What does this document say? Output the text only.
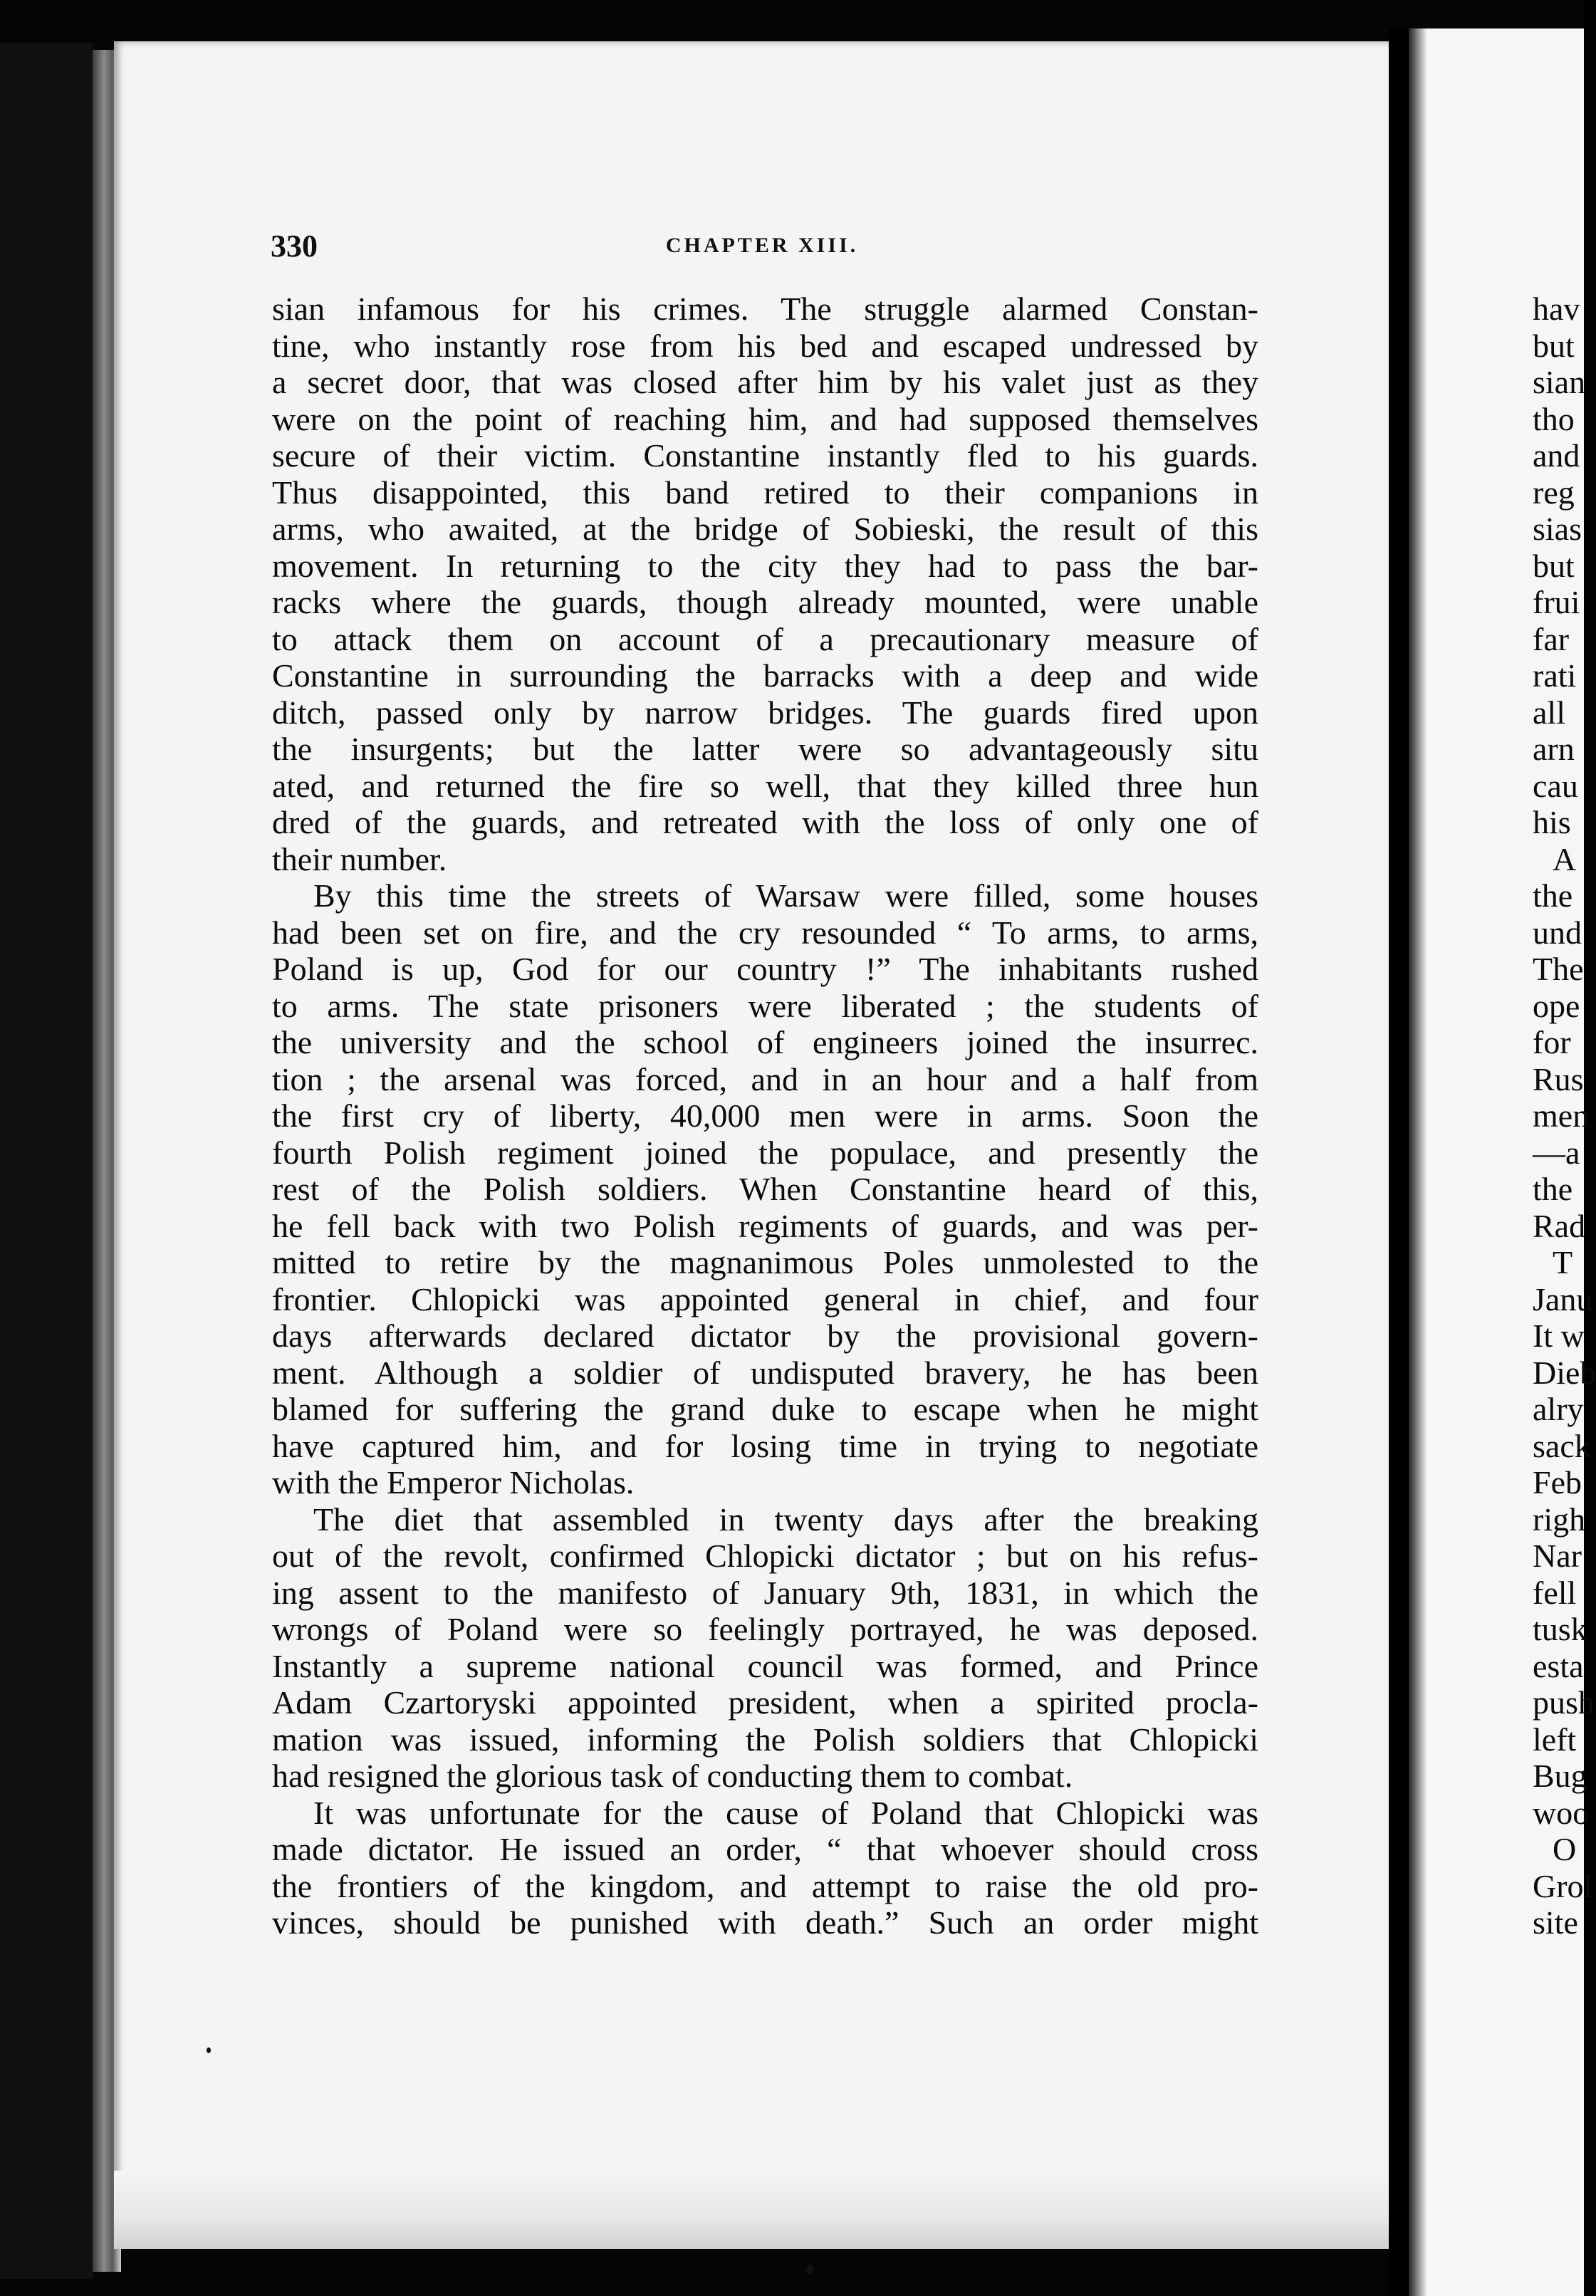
330	CHAPTER XIII.
sian infamous for his crimes. The struggle alarmed Constan-
tine, who instantly rose from his bed and escaped undressed by
a secret door, that was closed after him by his valet just as they
were on the point of reaching him, and had supposed themselves
secure of their victim. Constantine instantly fled to his guards.
Thus disappointed, this band retired to their companions in
arms, who awaited, at the bridge of Sobieski, the result of this
movement. In returning to the city they had to pass the bar-
racks where the guards, though already mounted, were unable
to attack them on account of a precautionary measure of
Constantine in surrounding the barracks with a deep and wide
ditch, passed only by narrow bridges. The guards fired upon
the insurgents; but the latter were so advantageously situ
ated, and returned the fire so well, that they killed three hun
dred of the guards, and retreated with the loss of only one of
their number.
By this time the streets of Warsaw were filled, some houses
had been set on fire, and the cry resounded “ To arms, to arms,
Poland is up, God for our country !” The inhabitants rushed
to arms. The state prisoners were liberated ; the students of
the university and the school of engineers joined the insurrec.
tion ; the arsenal was forced, and in an hour and a half from
the first cry of liberty, 40,000 men were in arms. Soon the
fourth Polish regiment joined the populace, and presently the
rest of the Polish soldiers. When Constantine heard of this,
he fell back with two Polish regiments of guards, and was per-
mitted to retire by the magnanimous Poles unmolested to the
frontier. Chlopicki was appointed general in chief, and four
days afterwards declared dictator by the provisional govern-
ment. Although a soldier of undisputed bravery, he has been
blamed for suffering the grand duke to escape when he might
have captured him, and for losing time in trying to negotiate
with the Emperor Nicholas.
The diet that assembled in twenty days after the breaking
out of the revolt, confirmed Chlopicki dictator ; but on his refus-
ing assent to the manifesto of January 9th, 1831, in which the
wrongs of Poland were so feelingly portrayed, he was deposed.
Instantly a supreme national council was formed, and Prince
Adam Czartoryski appointed president, when a spirited procla-
mation was issued, informing the Polish soldiers that Chlopicki
had resigned the glorious task of conducting them to combat.
It was unfortunate for the cause of Poland that Chlopicki was
made dictator. He issued an order, “ that whoever should cross
the frontiers of the kingdom, and attempt to raise the old pro-
vinces, should be punished with death.” Such an order might
hav
but
sian
tho
and
reg
sias
but
frui
far
rati
all
arn
cau
his
A
the
und
The
ope
for
Rus
men
—a
the
Rad
T
Janu
It w
Dieb
alry
sack
Feb
righ
Nar
fell
tusk
esta
push
left
Bug
woo
O
Grol
site
